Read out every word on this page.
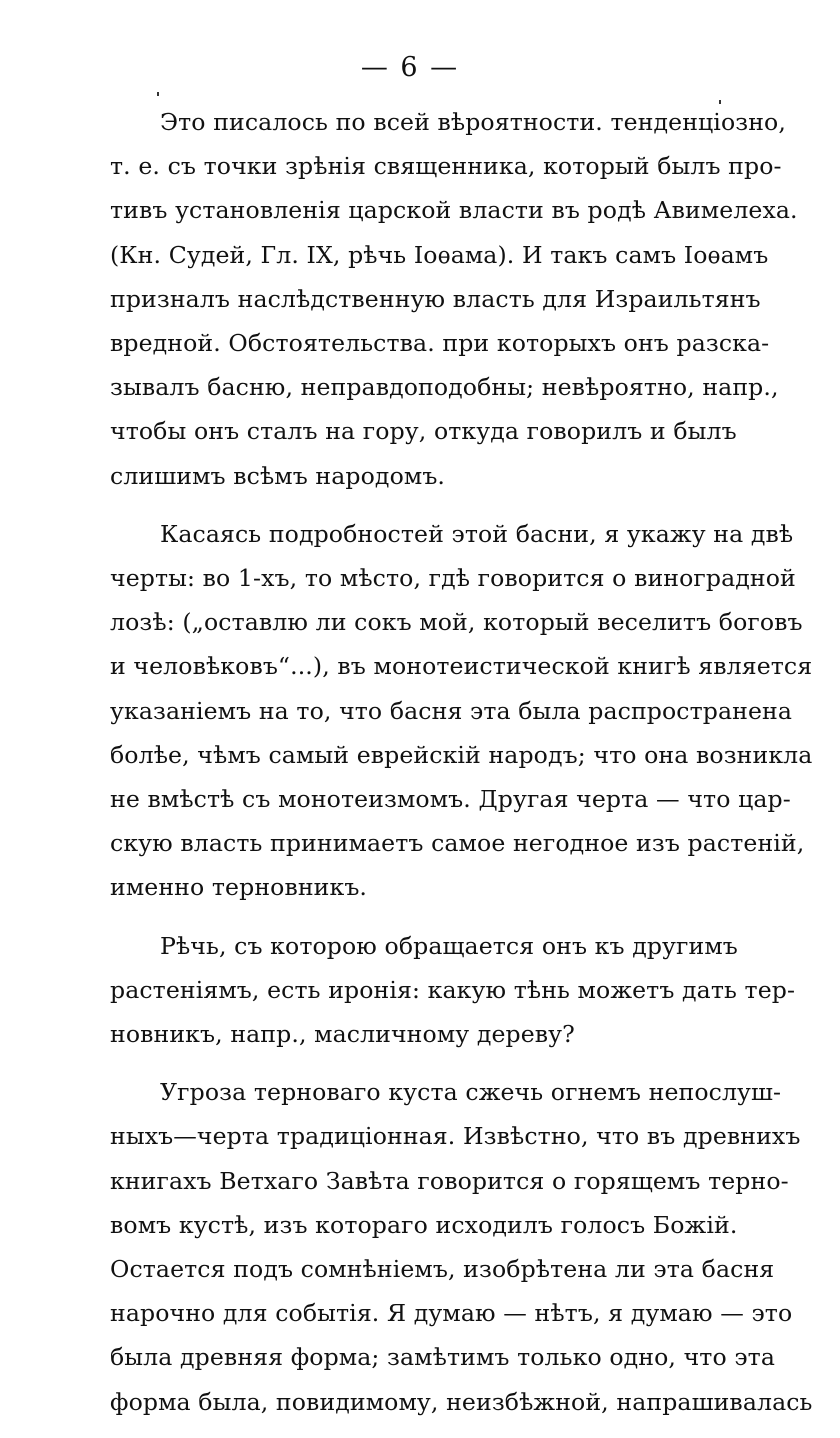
— 6 —

Это писалось по всей вѣроятности. тенденціозно,
т. е. съ точки зрѣнія священника, который былъ про-
тивъ установленія царской власти въ родѣ Авимелеха.
(Кн. Судей, Гл. IX, рѣчь Іоѳама). И такъ самъ Іоѳамъ
призналъ наслѣдственную власть для Израильтянъ
вредной. Обстоятельства. при которыхъ онъ разска-
зывалъ басню, неправдоподобны; невѣроятно, напр.,
чтобы онъ сталъ на гору, откуда говорилъ и былъ
слишимъ всѣмъ народомъ.

Касаясь подробностей этой басни, я укажу на двѣ
черты: во 1-хъ, то мѣсто, гдѣ говорится о виноградной
лозѣ: („оставлю ли сокъ мой, который веселитъ боговъ
и человѣковъ“...), въ монотеистической книгѣ является
указаніемъ на то, что басня эта была распространена
болѣе, чѣмъ самый еврейскій народъ; что она возникла
не вмѣстѣ съ монотеизмомъ. Другая черта — что цар-
скую власть принимаетъ самое негодное изъ растеній,
именно терновникъ.

Рѣчь, съ которою обращается онъ къ другимъ
растеніямъ, есть иронія: какую тѣнь можетъ дать тер-
новникъ, напр., масличному дереву?

Угроза терноваго куста сжечь огнемъ непослуш-
ныхъ—черта традиціонная. Извѣстно, что въ древнихъ
книгахъ Ветхаго Завѣта говорится о горящемъ терно-
вомъ кустѣ, изъ котораго исходилъ голосъ Божій.
Остается подъ сомнѣніемъ, изобрѣтена ли эта басня
нарочно для событія. Я думаю — нѣтъ, я думаю — это
была древняя форма; замѣтимъ только одно, что эта
форма была, повидимому, неизбѣжной, напрашивалась
